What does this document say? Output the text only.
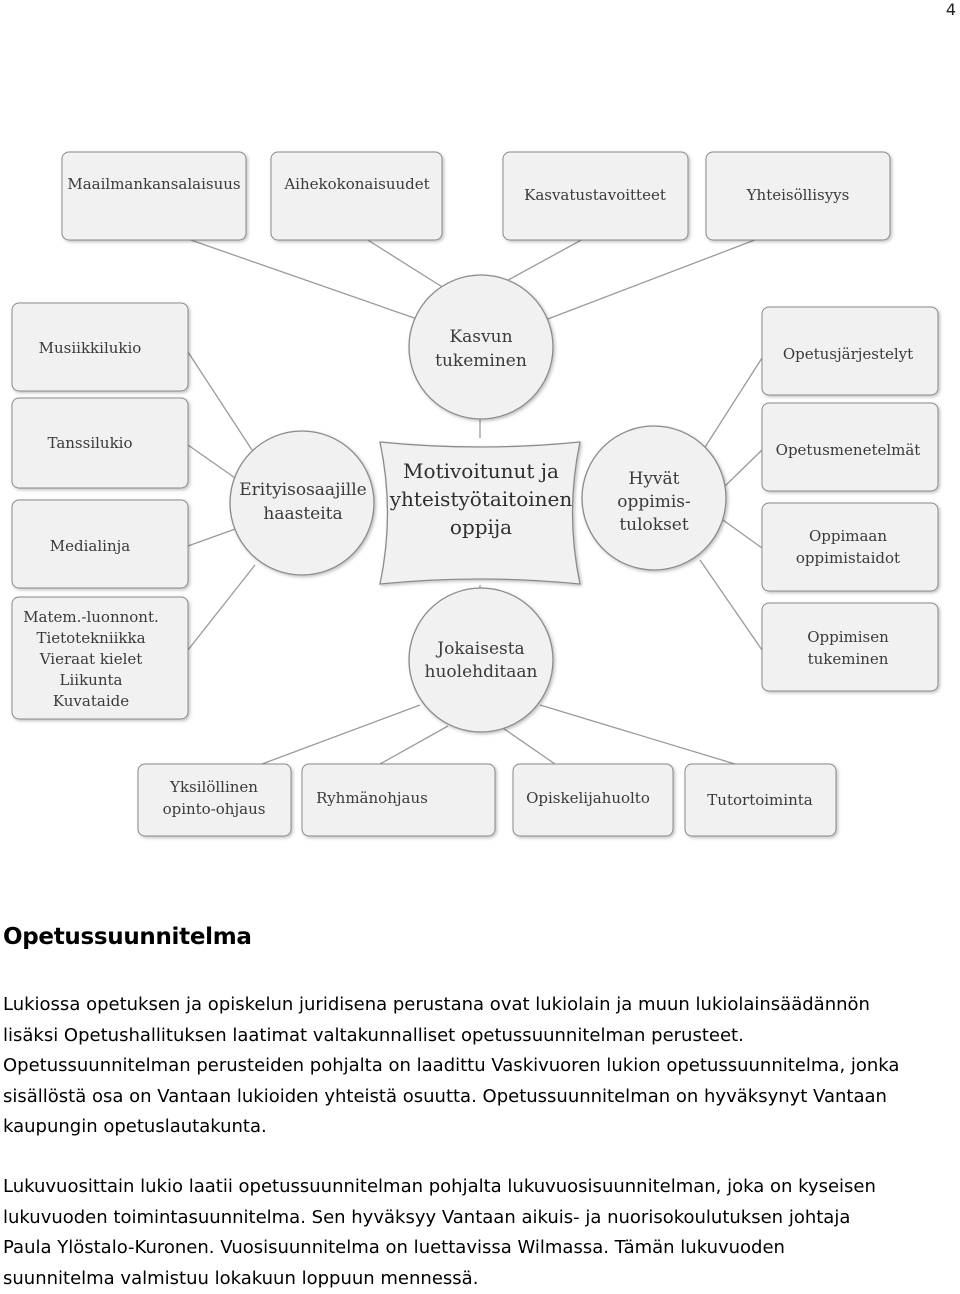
4
Maailmankansalaisuus	Aihekokonaisuudet
Kasvatustavoitteet	Yhteisöllisyys
Musiikkilukio
Tanssilukio
Medialinja
Matem.-luonnont.
Tietotekniikka
Vieraat kielet
Liikunta
Kuvataide
Opetusjärjestelyt
Opetusmenetelmät
Oppimaan
oppimistaidot
Oppimisen
tukeminen
Yksilöllinen
opinto-ohjaus
Ryhmänohjaus	Opiskelijahuolto	Tutortoiminta
Kasvun
tukeminen
Erityisosaajille
haasteita
Hyvät
oppimis-
tulokset
Jokaisesta
huolehditaan
Motivoitunut ja
yhteistyötaitoinen
oppija
Opetussuunnitelma
Lukiossa opetuksen ja opiskelun juridisena perustana ovat lukiolain ja muun lukiolainsäädännön
lisäksi Opetushallituksen laatimat valtakunnalliset opetussuunnitelman perusteet.
Opetussuunnitelman perusteiden pohjalta on laadittu Vaskivuoren lukion opetussuunnitelma, jonka
sisällöstä osa on Vantaan lukioiden yhteistä osuutta. Opetussuunnitelman on hyväksynyt Vantaan
kaupungin opetuslautakunta.
Lukuvuosittain lukio laatii opetussuunnitelman pohjalta lukuvuosisuunnitelman, joka on kyseisen
lukuvuoden toimintasuunnitelma. Sen hyväksyy Vantaan aikuis- ja nuorisokoulutuksen johtaja
Paula Ylöstalo-Kuronen. Vuosisuunnitelma on luettavissa Wilmassa. Tämän lukuvuoden
suunnitelma valmistuu lokakuun loppuun mennessä.
